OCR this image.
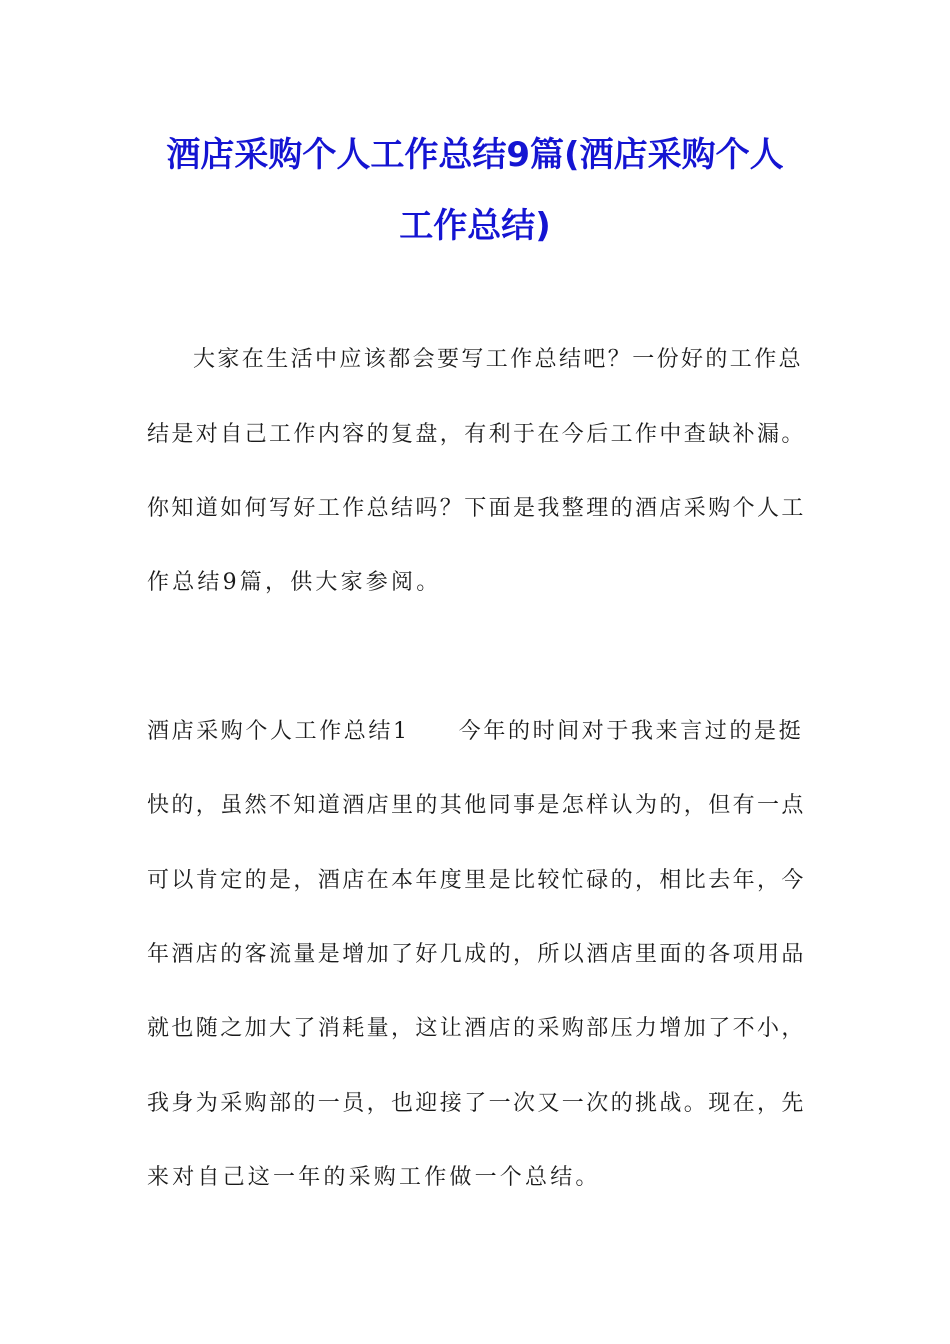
酒店采购个人工作总结9篇(酒店采购个人
工作总结)
大家在生活中应该都会要写工作总结吧？一份好的工作总
结是对自己工作内容的复盘，有利于在今后工作中查缺补漏。
你知道如何写好工作总结吗？下面是我整理的酒店采购个人工
作总结9篇，供大家参阅。
酒店采购个人工作总结1　　今年的时间对于我来言过的是挺
快的，虽然不知道酒店里的其他同事是怎样认为的，但有一点
可以肯定的是，酒店在本年度里是比较忙碌的，相比去年，今
年酒店的客流量是增加了好几成的，所以酒店里面的各项用品
就也随之加大了消耗量，这让酒店的采购部压力增加了不小，
我身为采购部的一员，也迎接了一次又一次的挑战。现在，先
来对自己这一年的采购工作做一个总结。
